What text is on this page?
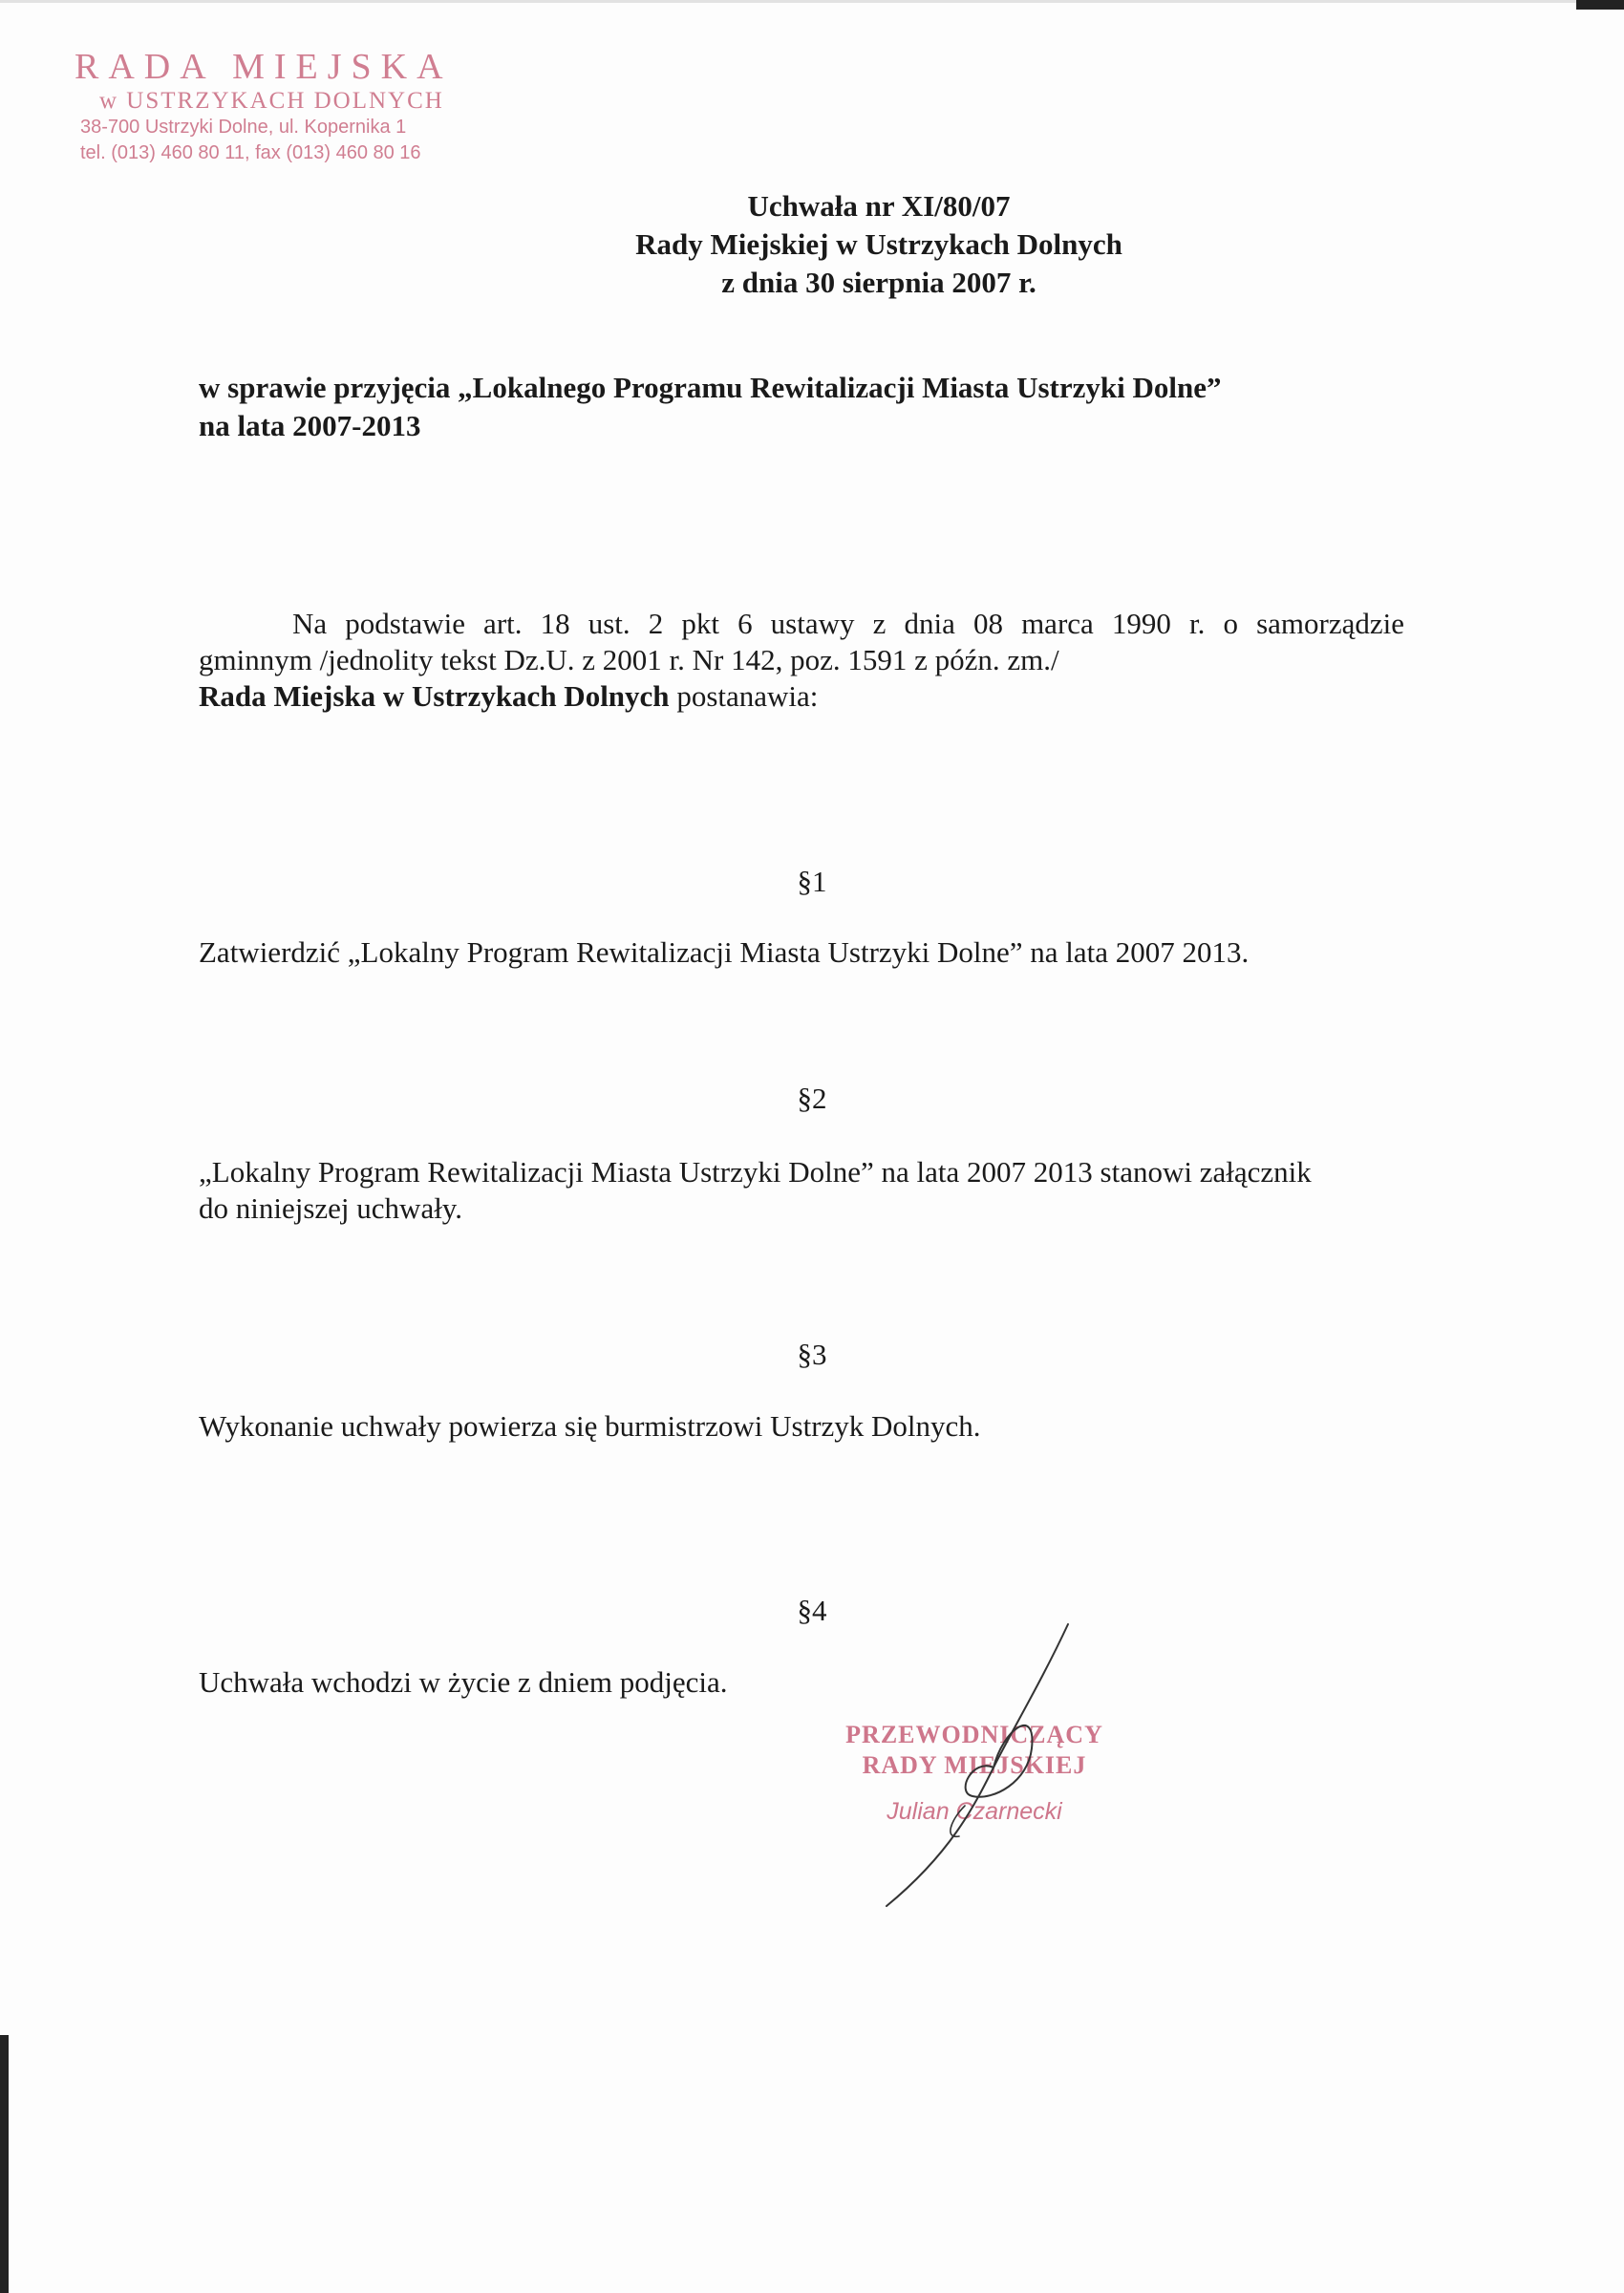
RADA MIEJSKA
w USTRZYKACH DOLNYCH
38-700 Ustrzyki Dolne, ul. Kopernika 1
tel. (013) 460 80 11, fax (013) 460 80 16
Uchwała nr XI/80/07
Rady Miejskiej w Ustrzykach Dolnych
z dnia 30 sierpnia 2007 r.
w sprawie przyjęcia „Lokalnego Programu Rewitalizacji Miasta Ustrzyki Dolne”
na lata 2007-2013
Na podstawie art. 18 ust. 2 pkt 6 ustawy z dnia 08 marca 1990 r. o samorządzie
gminnym /jednolity tekst Dz.U. z 2001 r. Nr 142, poz. 1591 z późn. zm./
Rada Miejska w Ustrzykach Dolnych postanawia:
§1
Zatwierdzić „Lokalny Program Rewitalizacji Miasta Ustrzyki Dolne” na lata 2007 2013.
§2
„Lokalny Program Rewitalizacji Miasta Ustrzyki Dolne” na lata 2007 2013 stanowi załącznik
do niniejszej uchwały.
§3
Wykonanie uchwały powierza się burmistrzowi Ustrzyk Dolnych.
§4
Uchwała wchodzi w życie z dniem podjęcia.
PRZEWODNICZĄCY
RADY MIEJSKIEJ
Julian Czarnecki
